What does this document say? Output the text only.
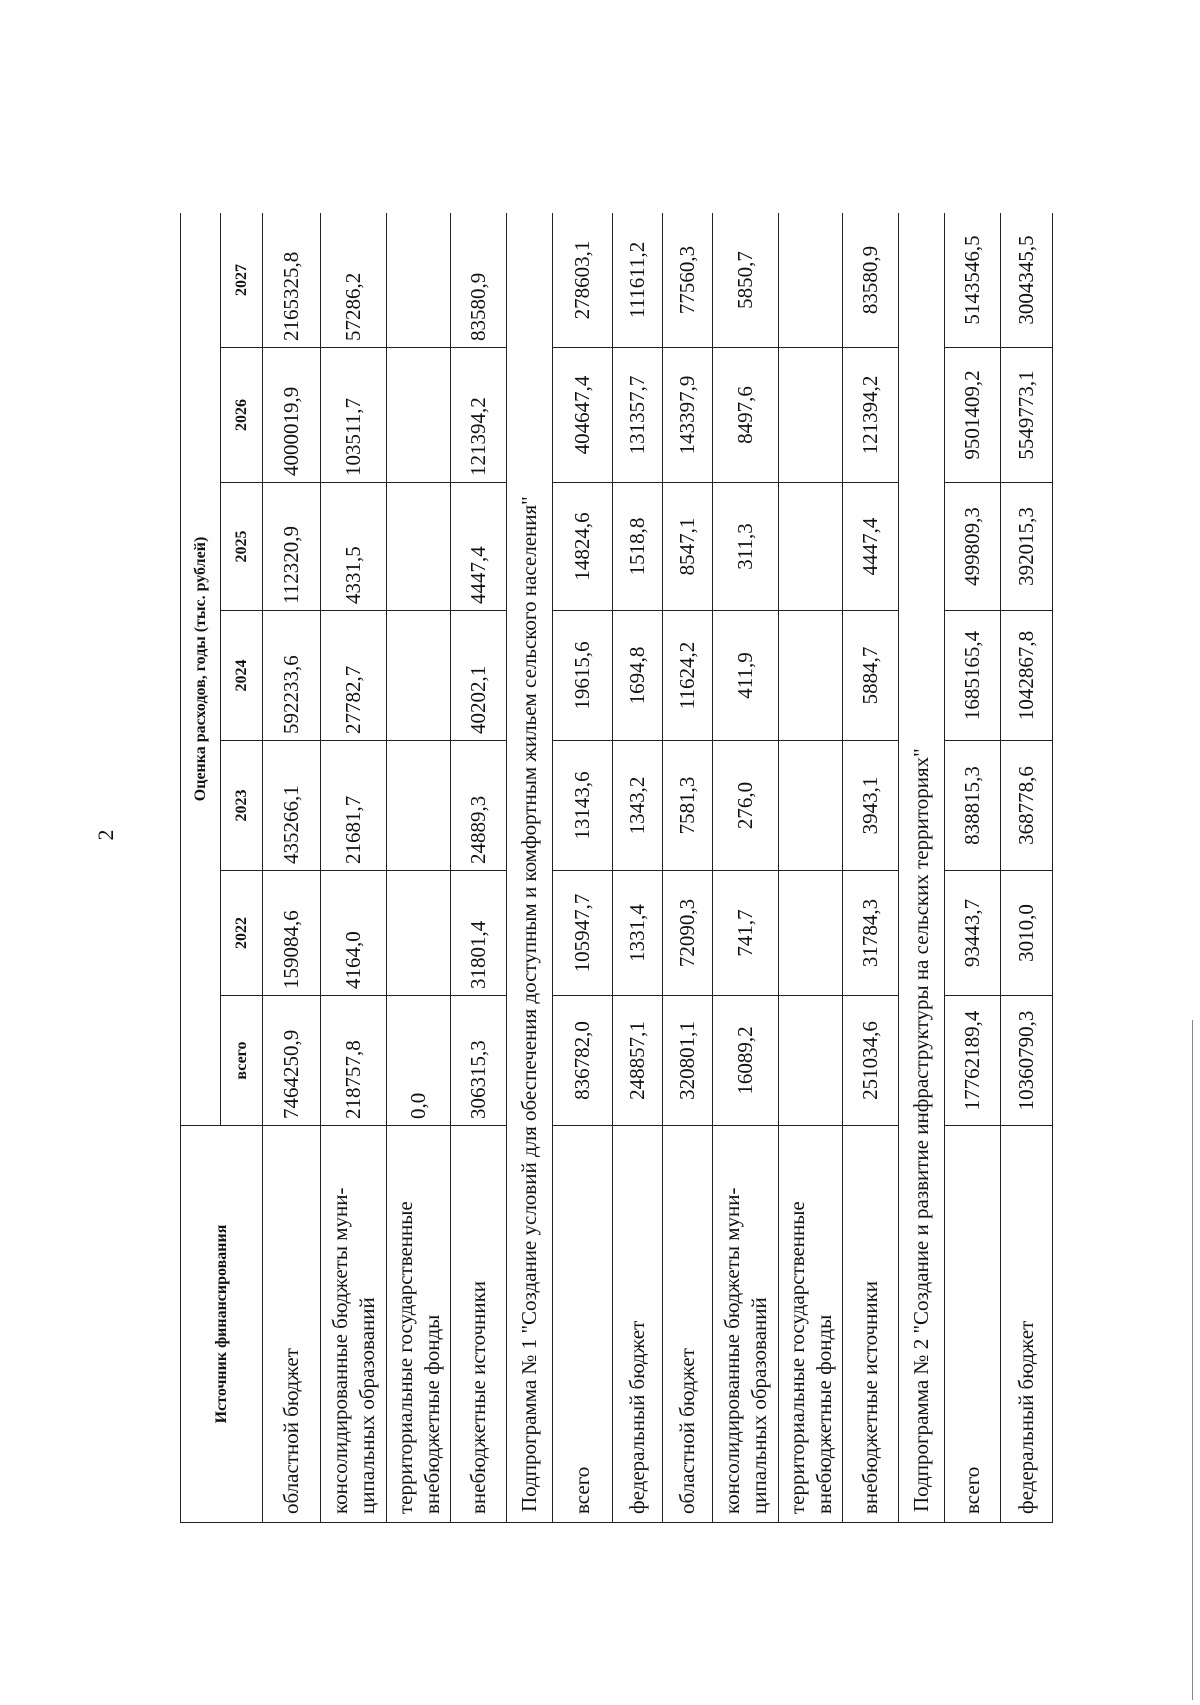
2
Источник финансирования	Оценка расходов, годы (тыс. рублей)						
	всего	2022	2023	2024	2025	2026	2027
областной бюджет	7464250,9	159084,6	435266,1	592233,6	112320,9	4000019,9	2165325,8
консолидированные бюджеты муни-ципальных образований	218757,8	4164,0	21681,7	27782,7	4331,5	103511,7	57286,2
территориальные государственные внебюджетные фонды	0,0						
внебюджетные источники	306315,3	31801,4	24889,3	40202,1	4447,4	121394,2	83580,9
Подпрограмма № 1 "Создание условий для обеспечения доступным и комфортным жильем сельского населения"							
всего	836782,0	105947,7	13143,6	19615,6	14824,6	404647,4	278603,1
федеральный бюджет	248857,1	1331,4	1343,2	1694,8	1518,8	131357,7	111611,2
областной бюджет	320801,1	72090,3	7581,3	11624,2	8547,1	143397,9	77560,3
консолидированные бюджеты муни-ципальных образований	16089,2	741,7	276,0	411,9	311,3	8497,6	5850,7
территориальные государственные внебюджетные фонды							
внебюджетные источники	251034,6	31784,3	3943,1	5884,7	4447,4	121394,2	83580,9
Подпрограмма № 2 "Создание и развитие инфраструктуры на сельских территориях"							
всего	17762189,4	93443,7	838815,3	1685165,4	499809,3	9501409,2	5143546,5
федеральный бюджет	10360790,3	3010,0	368778,6	1042867,8	392015,3	5549773,1	3004345,5
